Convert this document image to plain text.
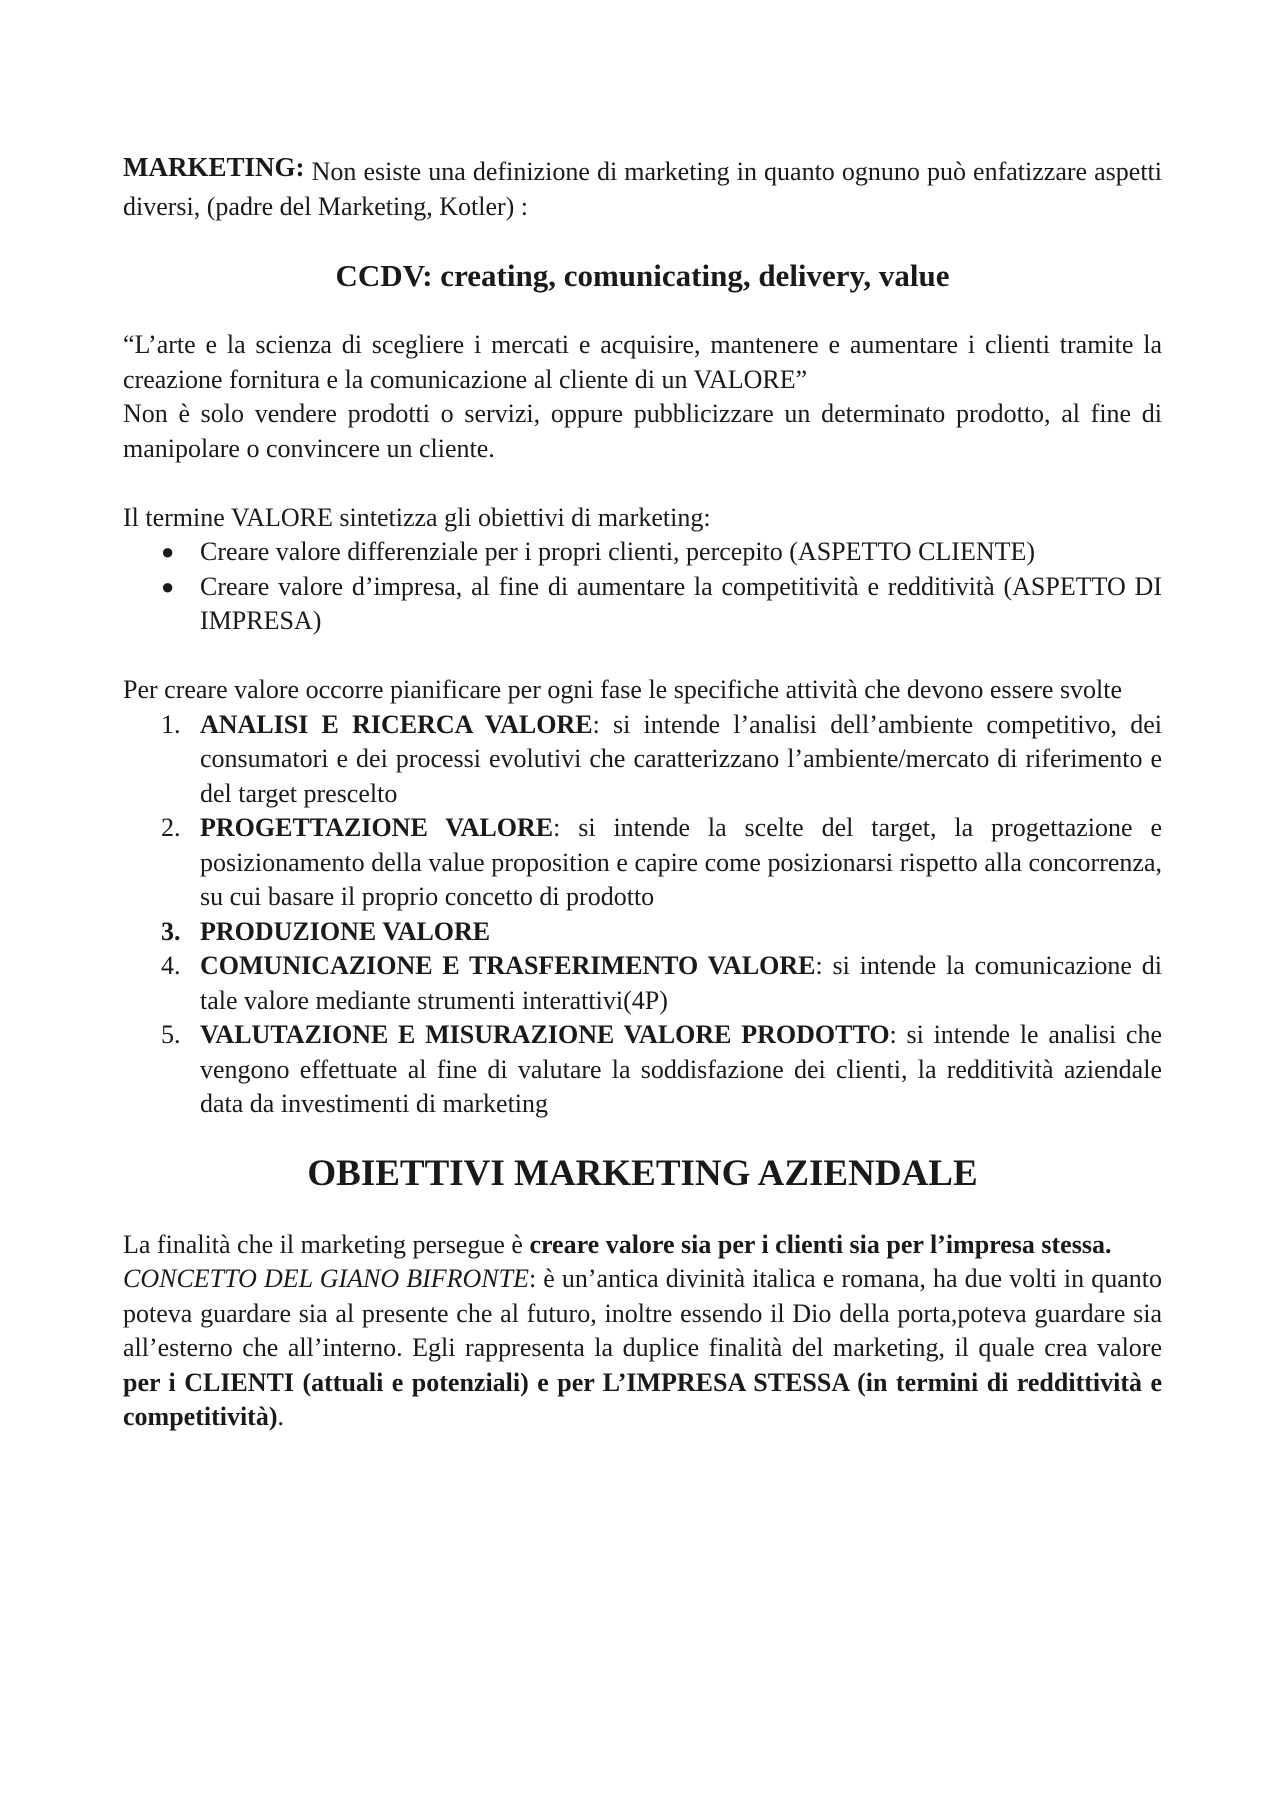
MARKETING: Non esiste una definizione di marketing in quanto ognuno può enfatizzare aspetti diversi, (padre del Marketing, Kotler) :

CCDV: creating, comunicating, delivery, value

“L’arte e la scienza di scegliere i mercati e acquisire, mantenere e aumentare i clienti tramite la creazione fornitura e la comunicazione al cliente di un VALORE”

Non è solo vendere prodotti o servizi, oppure pubblicizzare un determinato prodotto, al fine di manipolare o convincere un cliente.

Il termine VALORE sintetizza gli obiettivi di marketing:

● Creare valore differenziale per i propri clienti, percepito (ASPETTO CLIENTE)
● Creare valore d’impresa, al fine di aumentare la competitività e redditività (ASPETTO DI IMPRESA)

Per creare valore occorre pianificare per ogni fase le specifiche attività che devono essere svolte

1. ANALISI E RICERCA VALORE: si intende l’analisi dell’ambiente competitivo, dei consumatori e dei processi evolutivi che caratterizzano l’ambiente/mercato di riferimento e del target prescelto
2. PROGETTAZIONE VALORE: si intende la scelte del target, la progettazione e posizionamento della value proposition e capire come posizionarsi rispetto alla concorrenza, su cui basare il proprio concetto di prodotto
3. PRODUZIONE VALORE
4. COMUNICAZIONE E TRASFERIMENTO VALORE: si intende la comunicazione di tale valore mediante strumenti interattivi(4P)
5. VALUTAZIONE E MISURAZIONE VALORE PRODOTTO: si intende le analisi che vengono effettuate al fine di valutare la soddisfazione dei clienti, la redditività aziendale data da investimenti di marketing
OBIETTIVI MARKETING AZIENDALE

La finalità che il marketing persegue è creare valore sia per i clienti sia per l’impresa stessa.

CONCETTO DEL GIANO BIFRONTE: è un’antica divinità italica e romana, ha due volti in quanto poteva guardare sia al presente che al futuro, inoltre essendo il Dio della porta,poteva guardare sia all’esterno che all’interno. Egli rappresenta la duplice finalità del marketing, il quale crea valore per i CLIENTI (attuali e potenziali) e per L’IMPRESA STESSA (in termini di reddittività e competitività).
